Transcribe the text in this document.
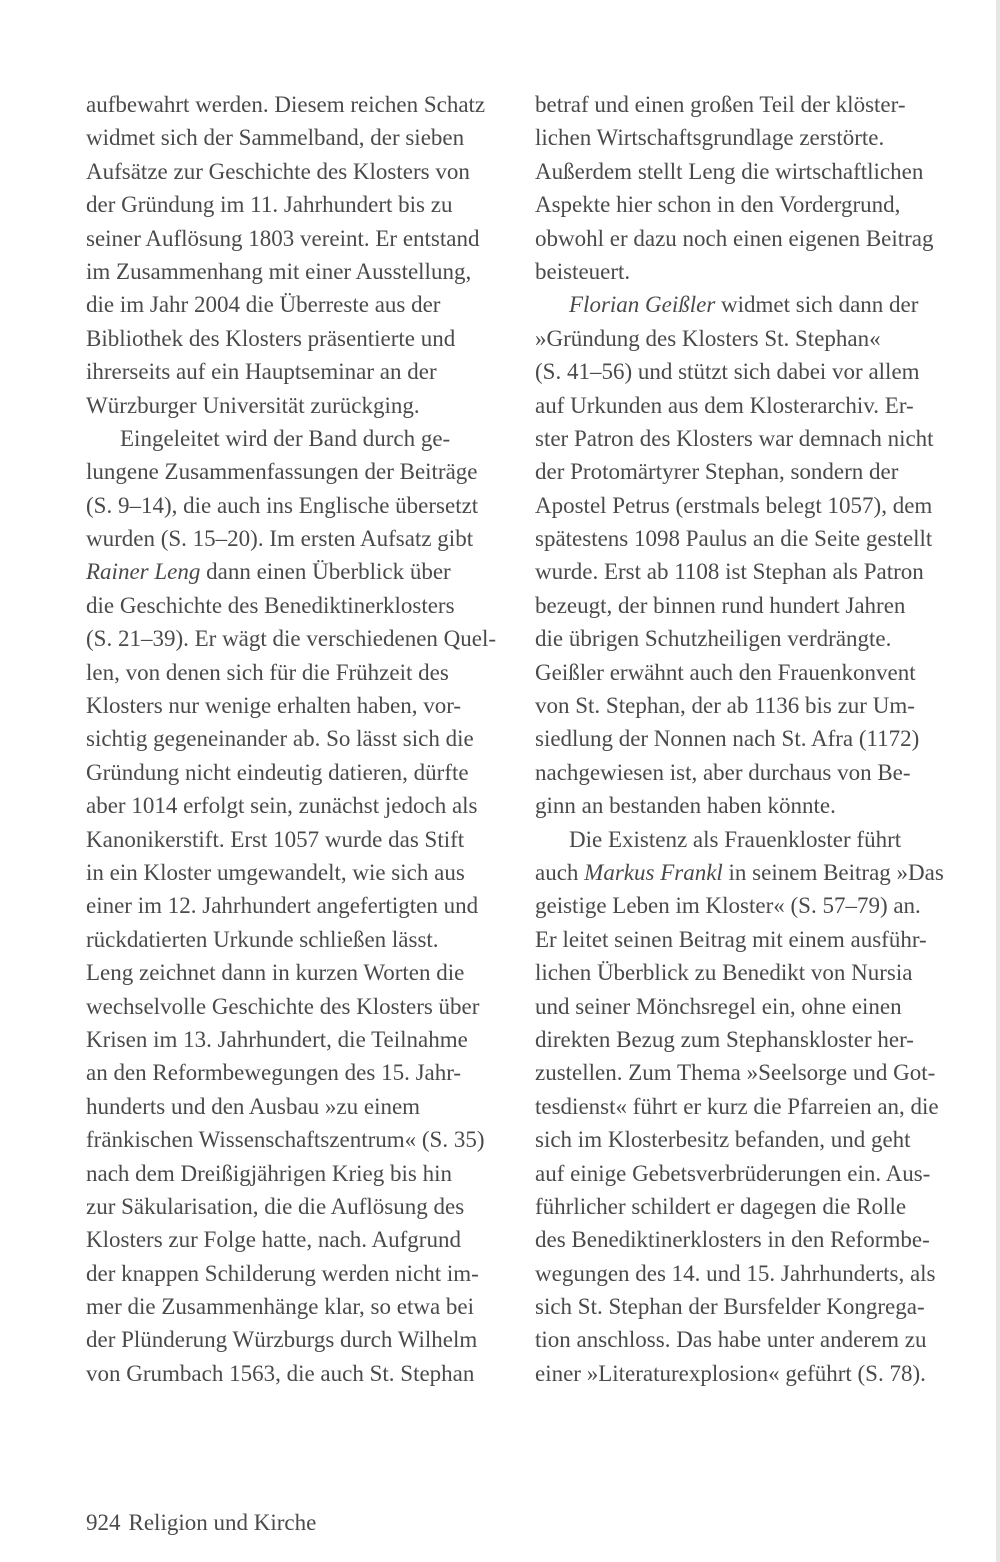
aufbewahrt werden. Diesem reichen Schatz
widmet sich der Sammelband, der sieben
Aufsätze zur Geschichte des Klosters von
der Gründung im 11. Jahrhundert bis zu
seiner Auflösung 1803 vereint. Er entstand
im Zusammenhang mit einer Ausstellung,
die im Jahr 2004 die Überreste aus der
Bibliothek des Klosters präsentierte und
ihrerseits auf ein Hauptseminar an der
Würzburger Universität zurückging.
Eingeleitet wird der Band durch ge-
lungene Zusammenfassungen der Beiträge
(S. 9–14), die auch ins Englische übersetzt
wurden (S. 15–20). Im ersten Aufsatz gibt
Rainer Leng dann einen Überblick über
die Geschichte des Benediktinerklosters
(S. 21–39). Er wägt die verschiedenen Quel-
len, von denen sich für die Frühzeit des
Klosters nur wenige erhalten haben, vor-
sichtig gegeneinander ab. So lässt sich die
Gründung nicht eindeutig datieren, dürfte
aber 1014 erfolgt sein, zunächst jedoch als
Kanonikerstift. Erst 1057 wurde das Stift
in ein Kloster umgewandelt, wie sich aus
einer im 12. Jahrhundert angefertigten und
rückdatierten Urkunde schließen lässt.
Leng zeichnet dann in kurzen Worten die
wechselvolle Geschichte des Klosters über
Krisen im 13. Jahrhundert, die Teilnahme
an den Reformbewegungen des 15. Jahr-
hunderts und den Ausbau »zu einem
fränkischen Wissenschaftszentrum« (S. 35)
nach dem Dreißigjährigen Krieg bis hin
zur Säkularisation, die die Auflösung des
Klosters zur Folge hatte, nach. Aufgrund
der knappen Schilderung werden nicht im-
mer die Zusammenhänge klar, so etwa bei
der Plünderung Würzburgs durch Wilhelm
von Grumbach 1563, die auch St. Stephan
betraf und einen großen Teil der klöster-
lichen Wirtschaftsgrundlage zerstörte.
Außerdem stellt Leng die wirtschaftlichen
Aspekte hier schon in den Vordergrund,
obwohl er dazu noch einen eigenen Beitrag
beisteuert.
Florian Geißler widmet sich dann der
»Gründung des Klosters St. Stephan«
(S. 41–56) und stützt sich dabei vor allem
auf Urkunden aus dem Klosterarchiv. Er-
ster Patron des Klosters war demnach nicht
der Protomärtyrer Stephan, sondern der
Apostel Petrus (erstmals belegt 1057), dem
spätestens 1098 Paulus an die Seite gestellt
wurde. Erst ab 1108 ist Stephan als Patron
bezeugt, der binnen rund hundert Jahren
die übrigen Schutzheiligen verdrängte.
Geißler erwähnt auch den Frauenkonvent
von St. Stephan, der ab 1136 bis zur Um-
siedlung der Nonnen nach St. Afra (1172)
nachgewiesen ist, aber durchaus von Be-
ginn an bestanden haben könnte.
Die Existenz als Frauenkloster führt
auch Markus Frankl in seinem Beitrag »Das
geistige Leben im Kloster« (S. 57–79) an.
Er leitet seinen Beitrag mit einem ausführ-
lichen Überblick zu Benedikt von Nursia
und seiner Mönchsregel ein, ohne einen
direkten Bezug zum Stephanskloster her-
zustellen. Zum Thema »Seelsorge und Got-
tesdienst« führt er kurz die Pfarreien an, die
sich im Klosterbesitz befanden, und geht
auf einige Gebetsverbrüderungen ein. Aus-
führlicher schildert er dagegen die Rolle
des Benediktinerklosters in den Reformbe-
wegungen des 14. und 15. Jahrhunderts, als
sich St. Stephan der Bursfelder Kongrega-
tion anschloss. Das habe unter anderem zu
einer »Literaturexplosion« geführt (S. 78).
924 Religion und Kirche
